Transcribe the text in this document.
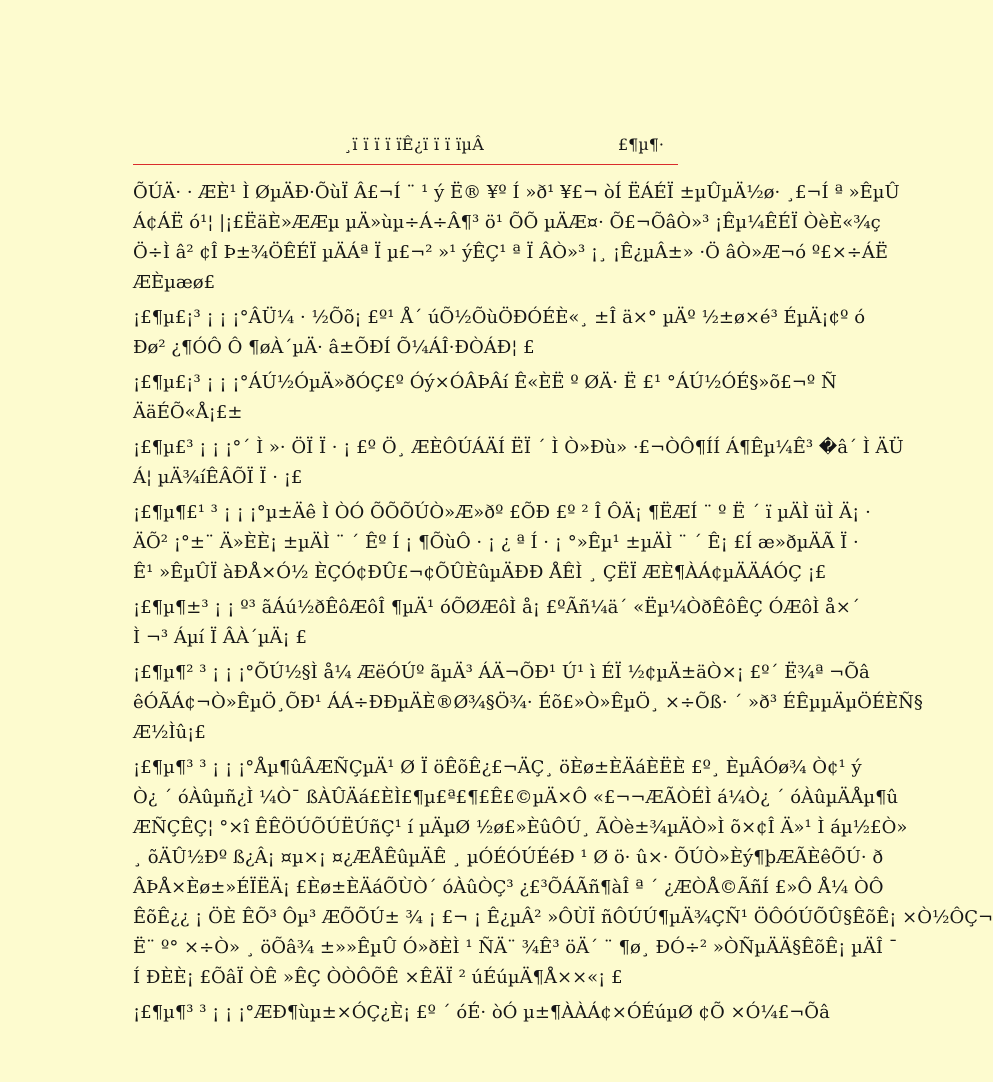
¸ï ï ï ï ïÊ¿ï ï ï ïµÂ	£¶µ¶·
ÕÚÄ· · ÆÈ¹ Ì ØµÄÐ·ÕùÏ Â£¬Í ¨ ¹ ý Ë® ¥º Í »ð¹ ¥£¬ òÍ ËÁÉÏ ±µÛµÄ½ø· ¸£¬Í ª »ÊµÛ
Á¢ÁË ó¹¦ |¡£ËäÈ»ÆÆµ µÄ»ùµ÷Á÷Â¶³ ö¹ ÕÕ µÄÆ¤· Õ£¬ÕâÒ»³ ¡Êµ¼ÊÉÏ ÒèÈ«¾ç
Ö÷Ì â² ¢Î Þ±¾ÖÊÉÏ µÄÁª Ï µ£¬² »¹ ýÊÇ¹ ª Ï ÂÒ»³ ¡¸ ¡Ê¿µÂ±» ·Ö âÒ»Æ¬ó º£×÷ÁË
ÆÈµæø£
¡£¶µ£¡³ ¡ ¡ ¡°ÂÜ¼ · ½Õõ¡ £º¹ Å´ úÕ½ÕùÖÐÓÉÈ«¸ ±Î ä×° µÄº ½±ø×é³ ÉµÄ¡¢º ó
Ðø² ¿¶ÓÔ Ô ¶øÀ´µÄ· â±ÕÐÍ Õ¼ÁÎ·ÐÒÁÐ¦ £
¡£¶µ£¡³ ¡ ¡ ¡°ÁÚ½ÓµÄ»ðÓÇ£º Óý×ÓÂÞÂí Ê«ÈË º ØÄ· Ë £¹ °ÁÚ½ÓÉ§»õ£¬º Ñ
ÄäÉÕ«Å¡£±
¡£¶µ£³ ¡ ¡ ¡°´ Ì »· ÖÏ Ï · ¡ £º Ö¸ ÆÈÔÚÁÄÍ ËÏ ´ Ì Ò»Ðù» ·£¬ÒÔ¶ÍÍ Á¶Êµ¼Ê³ �â´ Ì ÄÜ
Á¦ µÄ¾íÊÂÕÏ Ï · ¡£
¡£¶µ¶£¹ ³ ¡ ¡ ¡°µ±Äê Ì ÒÓ ÕÕÕÚÒ»Æ»ðº £ÕÐ £º ² Î ÔÄ¡ ¶ËÆÍ ¨ º Ë ´ ï µÄÌ üÌ Ä¡ ·
ÄÕ² ¡°±¨ Ä»ÈÈ¡ ±µÄÌ ¨ ´ Êº Í ¡ ¶ÕùÔ · ¡ ¿ ª Í · ¡ °»Êµ¹ ±µÄÌ ¨ ´ Ê¡ £Í æ»ðµÄÃ Ï ·
Ê¹ »ÊµÛÏ àÐÅ×Ó½ ÈÇÓ¢ÐÛ£¬¢ÕÛÈûµÄÐÐ ÅÊÌ ¸ ÇËÏ ÆÈ¶ÀÁ¢µÄÄÁÓÇ ¡£
¡£¶µ¶±³ ¡ ¡ º³ ãÁú½ðÊôÆôÎ ¶µÄ¹ óÕØÆôÌ å¡ £ºÃñ¼ä´ «Ëµ¼ÒðÊôÊÇ ÓÆôÌ å×´
Ì ¬³ Áµí Ï ÂÀ´µÄ¡ £
¡£¶µ¶² ³ ¡ ¡ ¡°ÕÚ½§Ì å¼ ÆëÓÚº ãµÄ³ ÁÄ¬ÕÐ¹ Ú¹ ì ÉÏ ½¢µÄ±äÒ×¡ £º´ Ë¾ª ¬Õâ
êÓÃÁ¢¬Ò»ÊµÖ¸ÕÐ¹ ÁÁ÷ÐÐµÄÈ®Ø¾§Ö¾· Éõ£»Ò»ÊµÖ¸ ×÷Õß· ´ »ð³ ÉÊµµÄµÖÉÈÑ§
Æ½Ìû¡£
¡£¶µ¶³ ³ ¡ ¡ ¡°Åµ¶ûÂÆÑÇµÄ¹ Ø Ï öÊõÊ¿£¬ÄÇ¸ öÈø±ÈÄáÈËÈ £º¸ ÈµÂÓø¾ Ò¢¹ ý
Ò¿ ´ óÀûµñ¿Ì ¼Ò¯ ßÀÛÄá£ÈÌ£¶µ£ª£¶£Ê£©µÄ×Ô «£¬¬ÆÃÒÉÌ á¼Ò¿ ´ óÀûµÄÅµ¶û
ÆÑÇÊÇ¦ °×î ÊÊÖÚÕÚËÚñÇ¹ í µÄµØ ½ø£»ÈûÔÚ¸ ÃÒè±¾µÄÒ»Ì õ×¢Î Ä»¹ Ì áµ½£Ò»
¸ õÄÛ½Ðº ß¿Â¡ ¤µ×¡ ¤¿ÆÅÊûµÄÊ ¸ µÓÉÓÚÉéÐ ¹ Ø ö· û×· ÕÚÒ»Èý¶þÆÃÈêÕÚ· ð
ÂÞÅ×Èø±»ÉÏËÄ¡ £Èø±ÈÄáÕÙÒ´ óÀûÒÇ³ ¿£³ÕÁÃñ¶àÎ ª ´ ¿ÆÒÅ©ÃñÍ £»Ô Å¼ ÒÔ
ÊõÊ¿¿ ¡ ÖÈ ÊÕ³ Ôµ³ ÆÕÕÚ± ¾ ¡ £¬ ¡ Ê¿µÂ² »ÔÙÏ ñÔÚÚ¶µÄ¾ÇÑ¹ ÖÔÓÚÕÛ§ÊõÊ¡ ×Ò½ÔÇ¬
Ë¨ º° ×÷Ò» ¸ öÕâ¾ ±»»ÊµÛ Ó»ðÈÌ ¹ ÑÄ¨ ¾Ê³ öÄ´ ¨ ¶ø¸ ÐÓ÷² »ÒÑµÄÄ§ÊõÊ¡ µÄÎ ¯
Í ÐÈÈ¡ £ÕâÏ ÒÊ »ÊÇ ÒÒÔÕÊ ×ÊÄÏ ² úÉúµÄ¶Å××«¡ £
¡£¶µ¶³ ³ ¡ ¡ ¡°ÆÐ¶ùµ±×ÓÇ¿È¡ £º ´ óÉ· òÓ µ±¶ÀÀÁ¢×ÓÉúµØ ¢Õ ×Ó¼£¬Õâ
